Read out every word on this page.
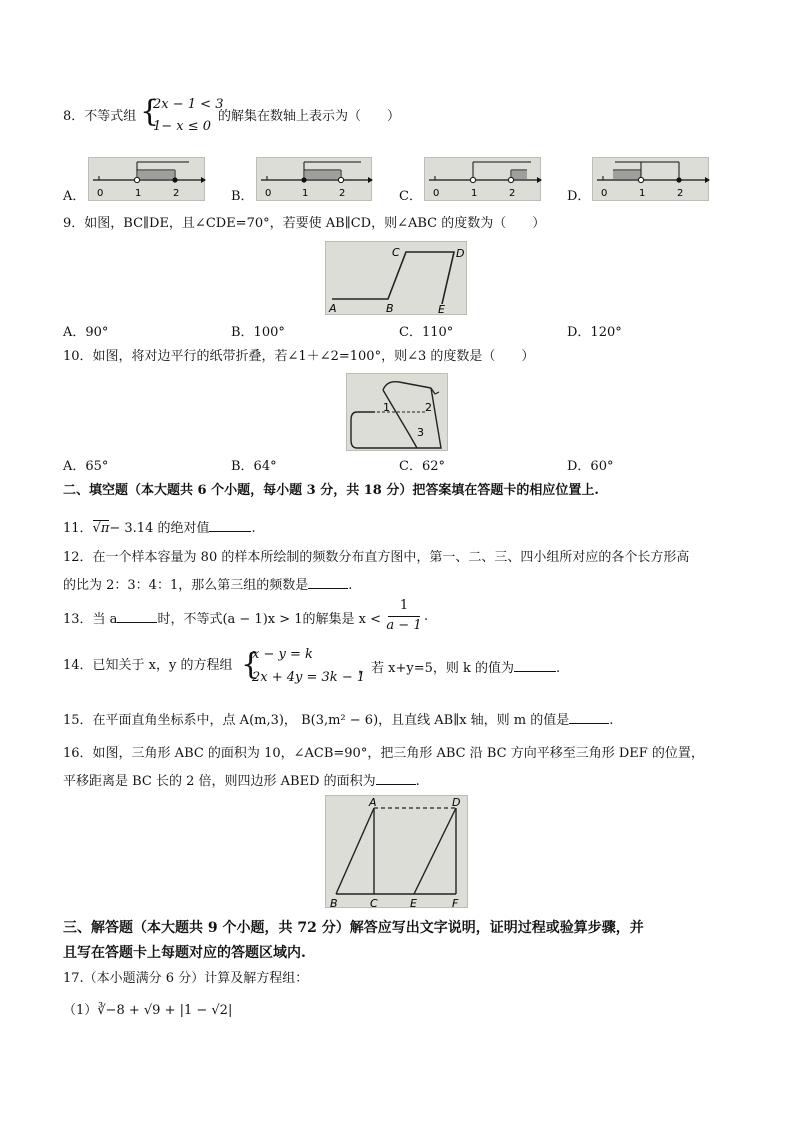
8．不等式组 {
2x − 1 < 3
1− x ≤ 0
的解集在数轴上表示为（　　）
A． 0	1	2	B． 0	1	2	C． 0	1	2	D． 0	1	2
9．如图，BC∥DE，且∠CDE=70°，若要使 AB∥CD，则∠ABC 的度数为（　　）
A	B
C	D
E
A．90°	B．100°	C．110°	D．120°
10．如图，将对边平行的纸带折叠，若∠1＋∠2=100°，则∠3 的度数是（　　）
1	2
3
A．65°	B．64°	C．62°	D．60°
二、填空题（本大题共 6 个小题，每小题 3 分，共 18 分）把答案填在答题卡的相应位置上.
11．√π− 3.14 的绝对值	.
12．在一个样本容量为 80 的样本所绘制的频数分布直方图中，第一、二、三、四小组所对应的各个长方形高
的比为 2：3：4：1，那么第三组的频数是	.
13．当 a	时，不等式(a − 1)x > 1的解集是 x <
1
a − 1
.
14．已知关于 x，y 的方程组 {
x − y = k
2x + 4y = 3k − 1
，若 x+y=5，则 k 的值为	.
15．在平面直角坐标系中，点 A(m,3)， B(3,m² − 6)，且直线 AB∥x 轴，则 m 的值是	.
16．如图，三角形 ABC 的面积为 10，∠ACB=90°，把三角形 ABC 沿 BC 方向平移至三角形 DEF 的位置，
平移距离是 BC 长的 2 倍，则四边形 ABED 的面积为	.
A	D
B	C	E	F
三、解答题（本大题共 9 个小题，共 72 分）解答应写出文字说明，证明过程或验算步骤，并
且写在答题卡上每题对应的答题区域内.
17.（本小题满分 6 分）计算及解方程组：
（1）∛−8 + √9 + |1 − √2|
